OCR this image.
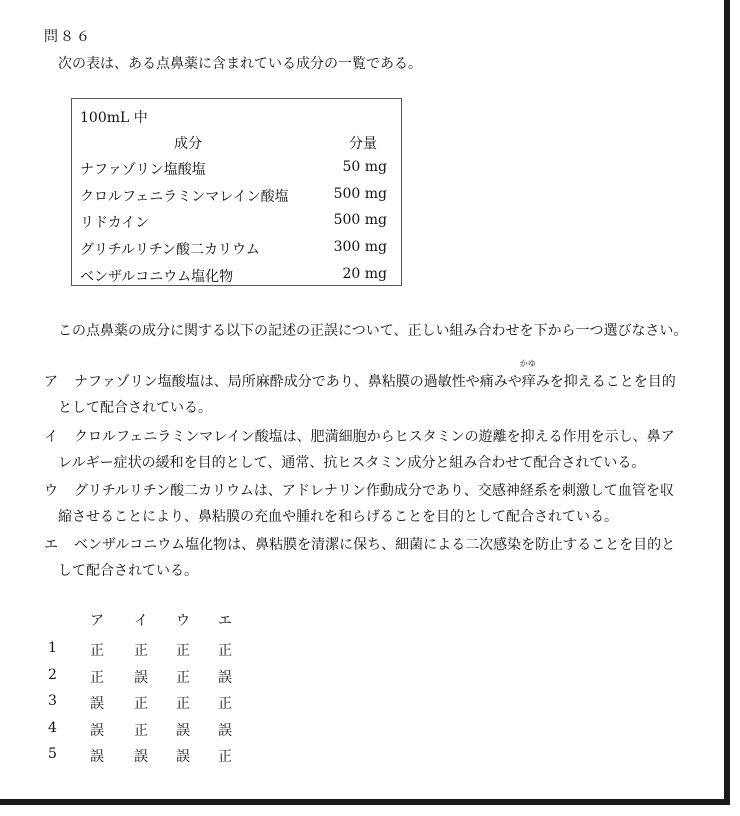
問８６
次の表は、ある点鼻薬に含まれている成分の一覧である。
100mL 中
成分	分量
ナファゾリン塩酸塩	50 mg
クロルフェニラミンマレイン酸塩	500 mg
リドカイン	500 mg
グリチルリチン酸二カリウム	300 mg
ベンザルコニウム塩化物	20 mg
この点鼻薬の成分に関する以下の記述の正誤について、正しい組み合わせを下から一つ選びなさい。
ア	ナファゾリン塩酸塩は、局所麻酔成分であり、鼻粘膜の過敏性や痛みや
かゆ
痒みを抑えることを目的
として配合されている。
イ	クロルフェニラミンマレイン酸塩は、肥満細胞からヒスタミンの遊離を抑える作用を示し、鼻ア
レルギー症状の緩和を目的として、通常、抗ヒスタミン成分と組み合わせて配合されている。
ウ	グリチルリチン酸二カリウムは、アドレナリン作動成分であり、交感神経系を刺激して血管を収
縮させることにより、鼻粘膜の充血や腫れを和らげることを目的として配合されている。
エ	ベンザルコニウム塩化物は、鼻粘膜を清潔に保ち、細菌による二次感染を防止することを目的と
して配合されている。
ア イ ウ エ
1 正 正 正 正
2 正 誤 正 誤
3 誤 正 正 正
4 誤 正 誤 誤
5 誤 誤 誤 正
